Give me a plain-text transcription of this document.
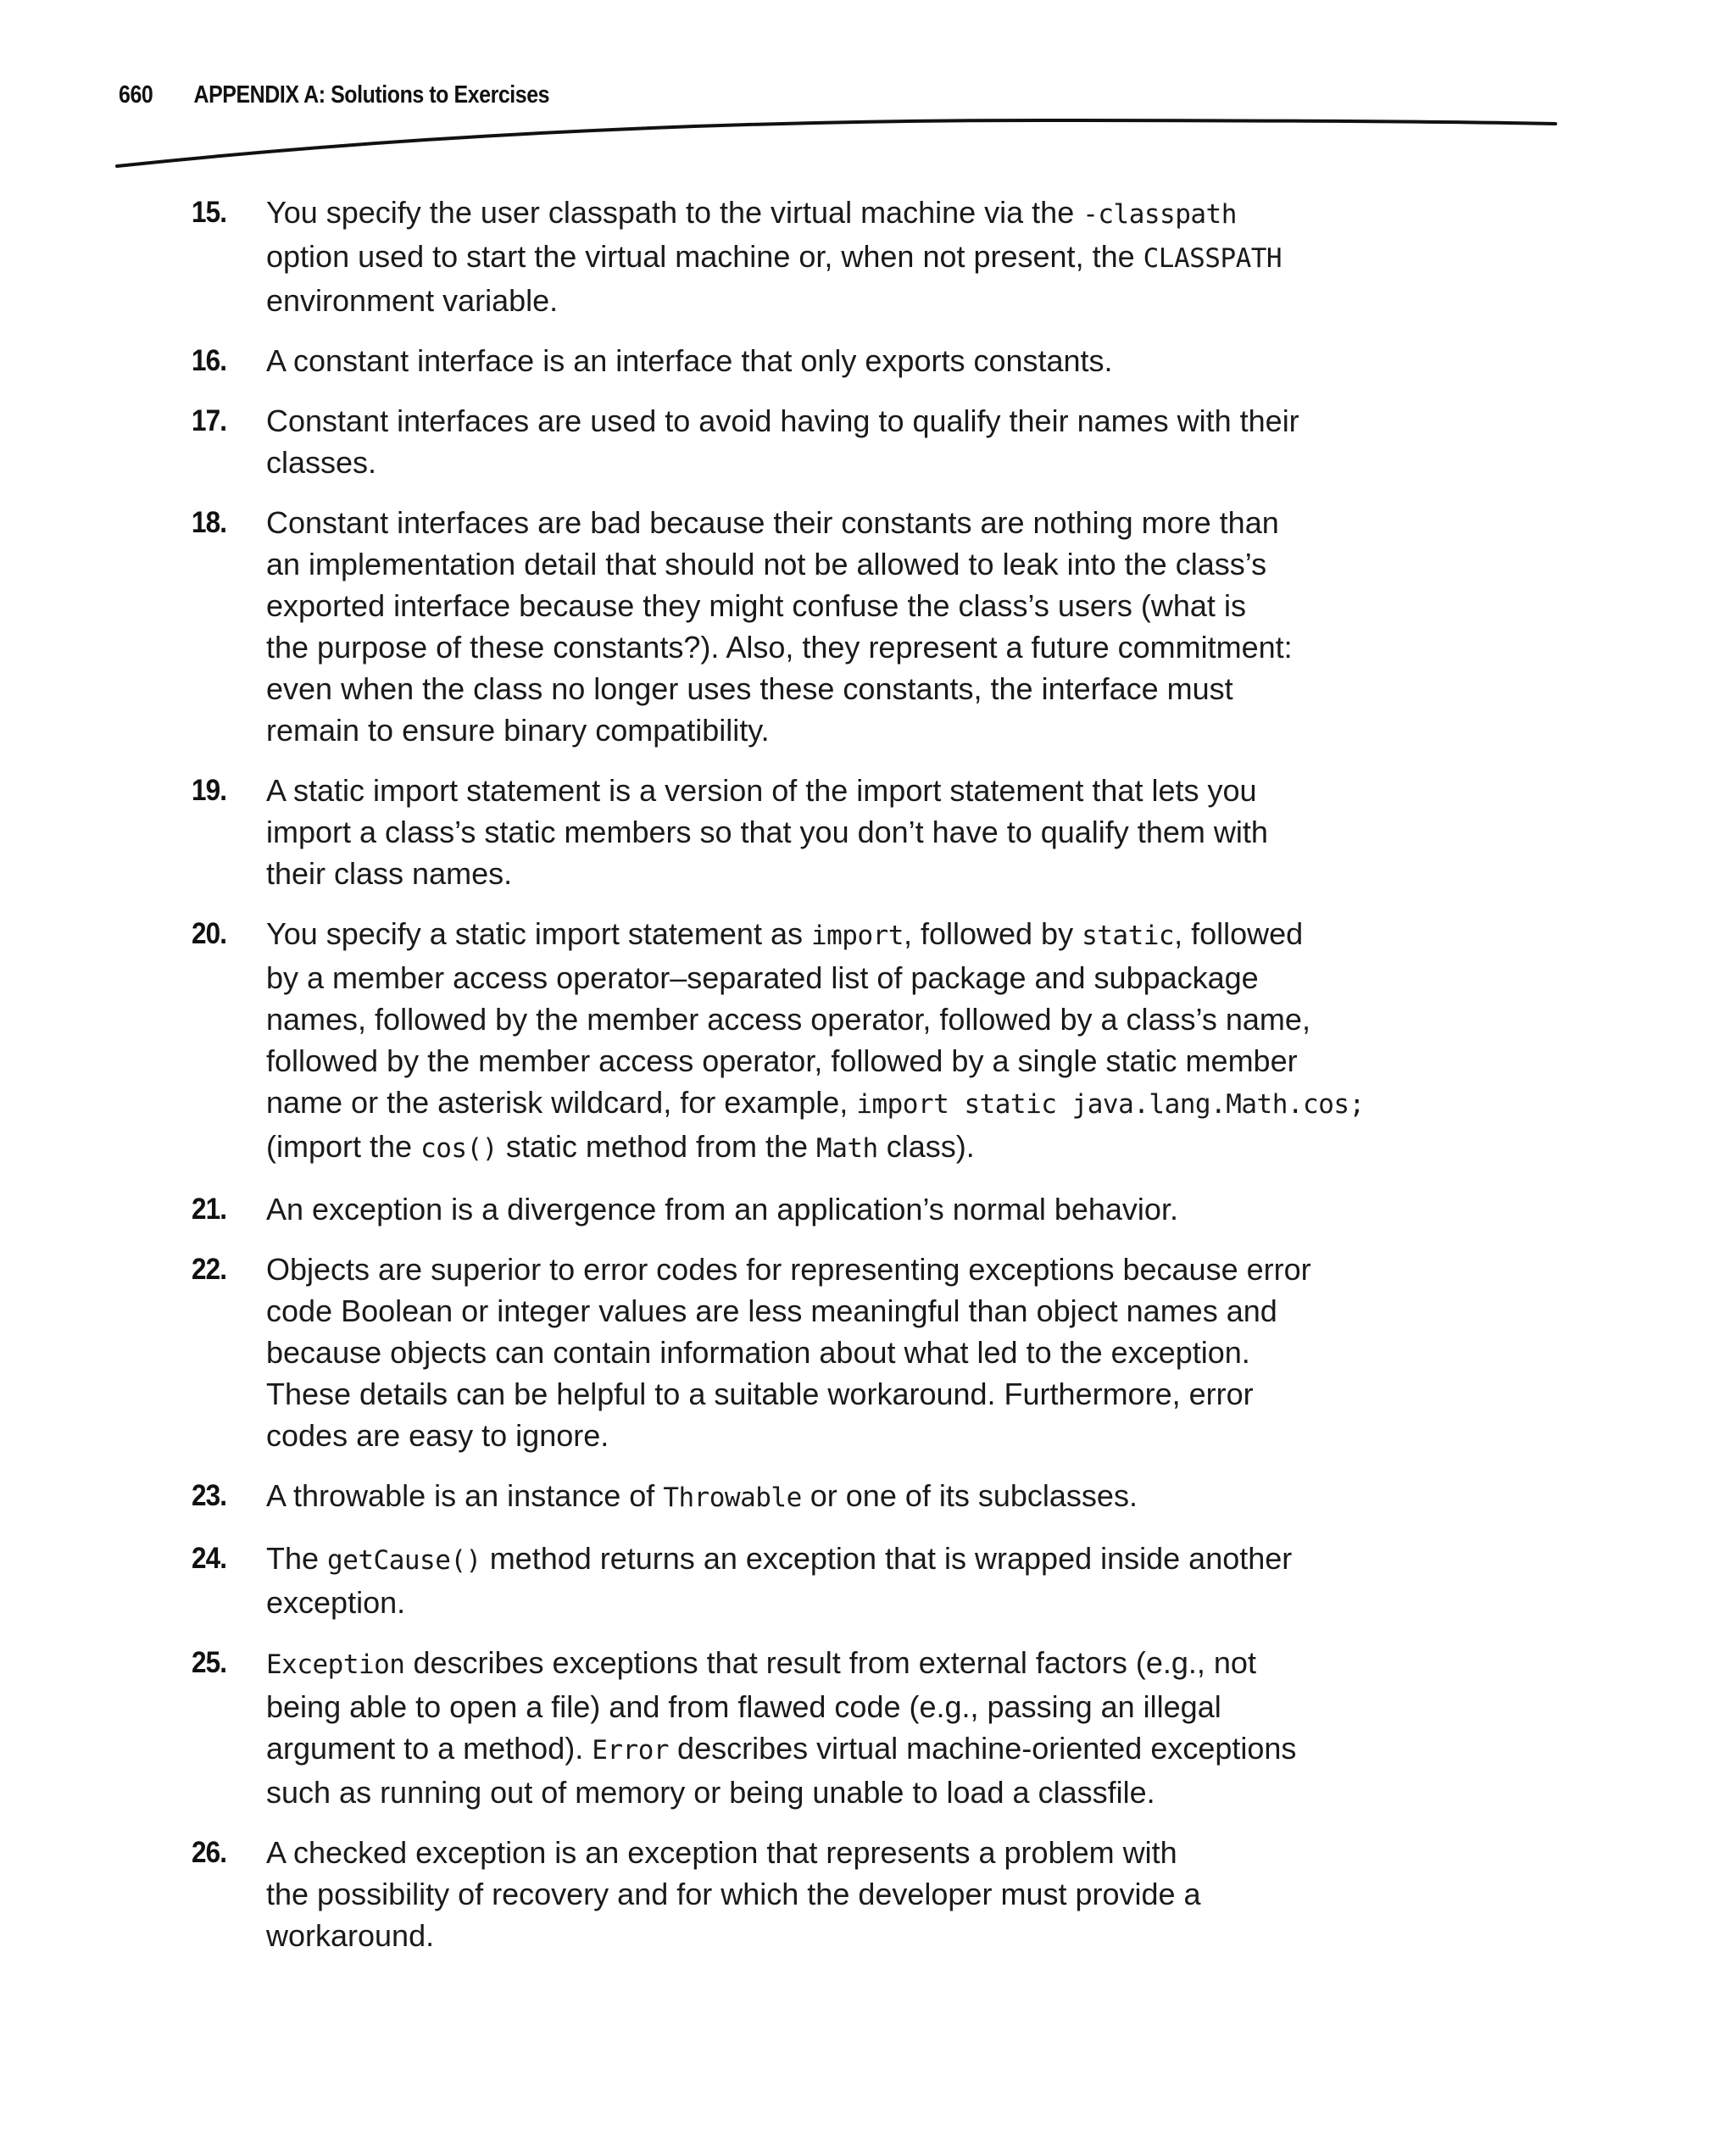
660 APPENDIX A: Solutions to Exercises
15.	You specify the user classpath to the virtual machine via the -classpath
option used to start the virtual machine or, when not present, the CLASSPATH
environment variable.
16.	A constant interface is an interface that only exports constants.
17.	Constant interfaces are used to avoid having to qualify their names with their
classes.
18.	Constant interfaces are bad because their constants are nothing more than
an implementation detail that should not be allowed to leak into the class’s
exported interface because they might confuse the class’s users (what is
the purpose of these constants?). Also, they represent a future commitment:
even when the class no longer uses these constants, the interface must
remain to ensure binary compatibility.
19.	A static import statement is a version of the import statement that lets you
import a class’s static members so that you don’t have to qualify them with
their class names.
20.	You specify a static import statement as import, followed by static, followed
by a member access operator–separated list of package and subpackage
names, followed by the member access operator, followed by a class’s name,
followed by the member access operator, followed by a single static member
name or the asterisk wildcard, for example, import static java.lang.Math.cos;
(import the cos() static method from the Math class).
21.	An exception is a divergence from an application’s normal behavior.
22.	Objects are superior to error codes for representing exceptions because error
code Boolean or integer values are less meaningful than object names and
because objects can contain information about what led to the exception.
These details can be helpful to a suitable workaround. Furthermore, error
codes are easy to ignore.
23.	A throwable is an instance of Throwable or one of its subclasses.
24.	The getCause() method returns an exception that is wrapped inside another
exception.
25.	Exception describes exceptions that result from external factors (e.g., not
being able to open a file) and from flawed code (e.g., passing an illegal
argument to a method). Error describes virtual machine-oriented exceptions
such as running out of memory or being unable to load a classfile.
26.	A checked exception is an exception that represents a problem with
the possibility of recovery and for which the developer must provide a
workaround.
